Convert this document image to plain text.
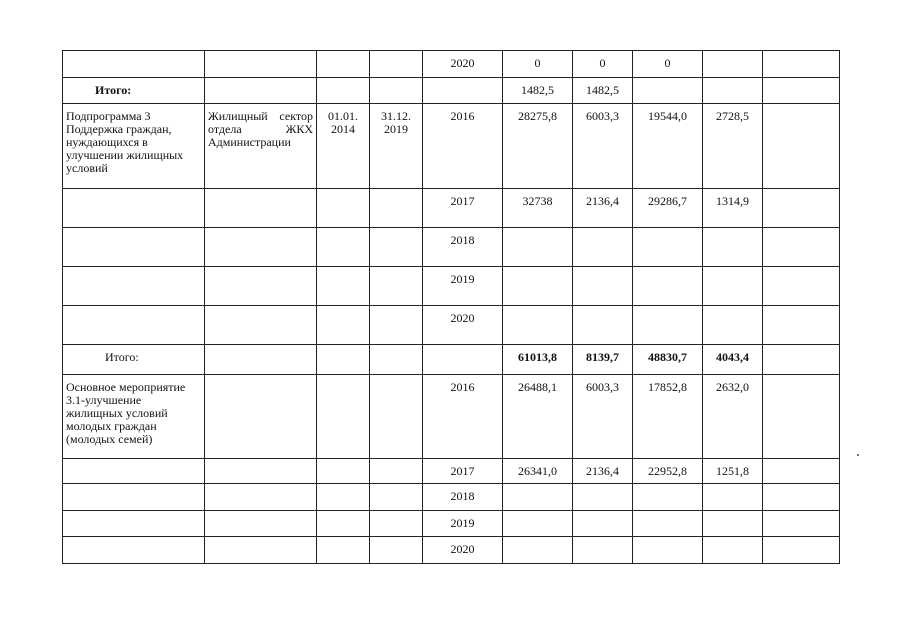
				2020	0	0	0		
Итого:					1482,5	1482,5			
Подпрограмма 3 Поддержка граждан, нуждающихся в улучшении жилищных условий	Жилищный сектор отдела ЖКХ Администрации	01.01. 2014	31.12. 2019	2016	28275,8	6003,3	19544,0	2728,5	
				2017	32738	2136,4	29286,7	1314,9	
				2018					
				2019					
				2020					
Итого:					61013,8	8139,7	48830,7	4043,4	
Основное мероприятие 3.1-улучшение жилищных условий молодых граждан (молодых семей)				2016	26488,1	6003,3	17852,8	2632,0	
				2017	26341,0	2136,4	22952,8	1251,8	
				2018					
				2019					
				2020					
